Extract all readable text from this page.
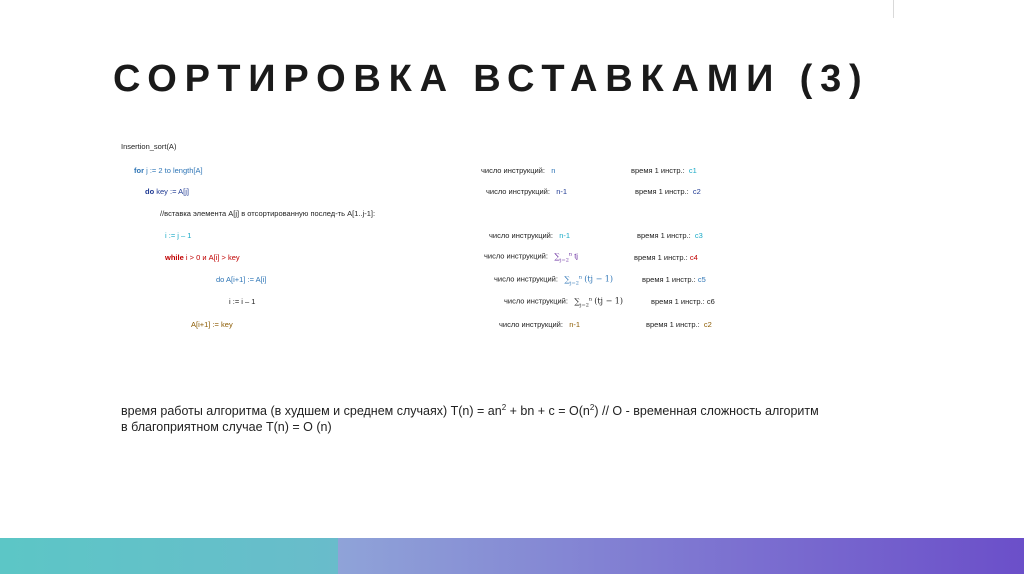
СОРТИРОВКА ВСТАВКАМИ (3)
Insertion_sort(A)
for j := 2 to length[A]	число инструкций: n	время 1 инстр.: c1
do key := A[j]	число инструкций: n-1	время 1 инстр.: c2
//вставка элемента A[j] в отсортированную послед-ть A[1..j-1]:
i := j – 1	число инструкций: n-1	время 1 инстр.: c3
while i > 0 и A[i] > key	число инструкций: $\sum_{j=2}^n$ tj	время 1 инстр.: c4
do A[i+1] := A[i]	число инструкций: $\sum_{j=2}^n$ (tj − 1)	время 1 инстр.: c5
i := i – 1	число инструкций: $\sum_{j=2}^n$ (tj − 1)	время 1 инстр.: c6
A[i+1] := key	число инструкций: n-1	время 1 инстр.: c2
время работы алгоритма (в худшем и среднем случаях) $T(n) = an^2$ + bn + $c = O(n^2) // O$ - временная сложность алгоритм
в благоприятном случае T(n) = O (n)
